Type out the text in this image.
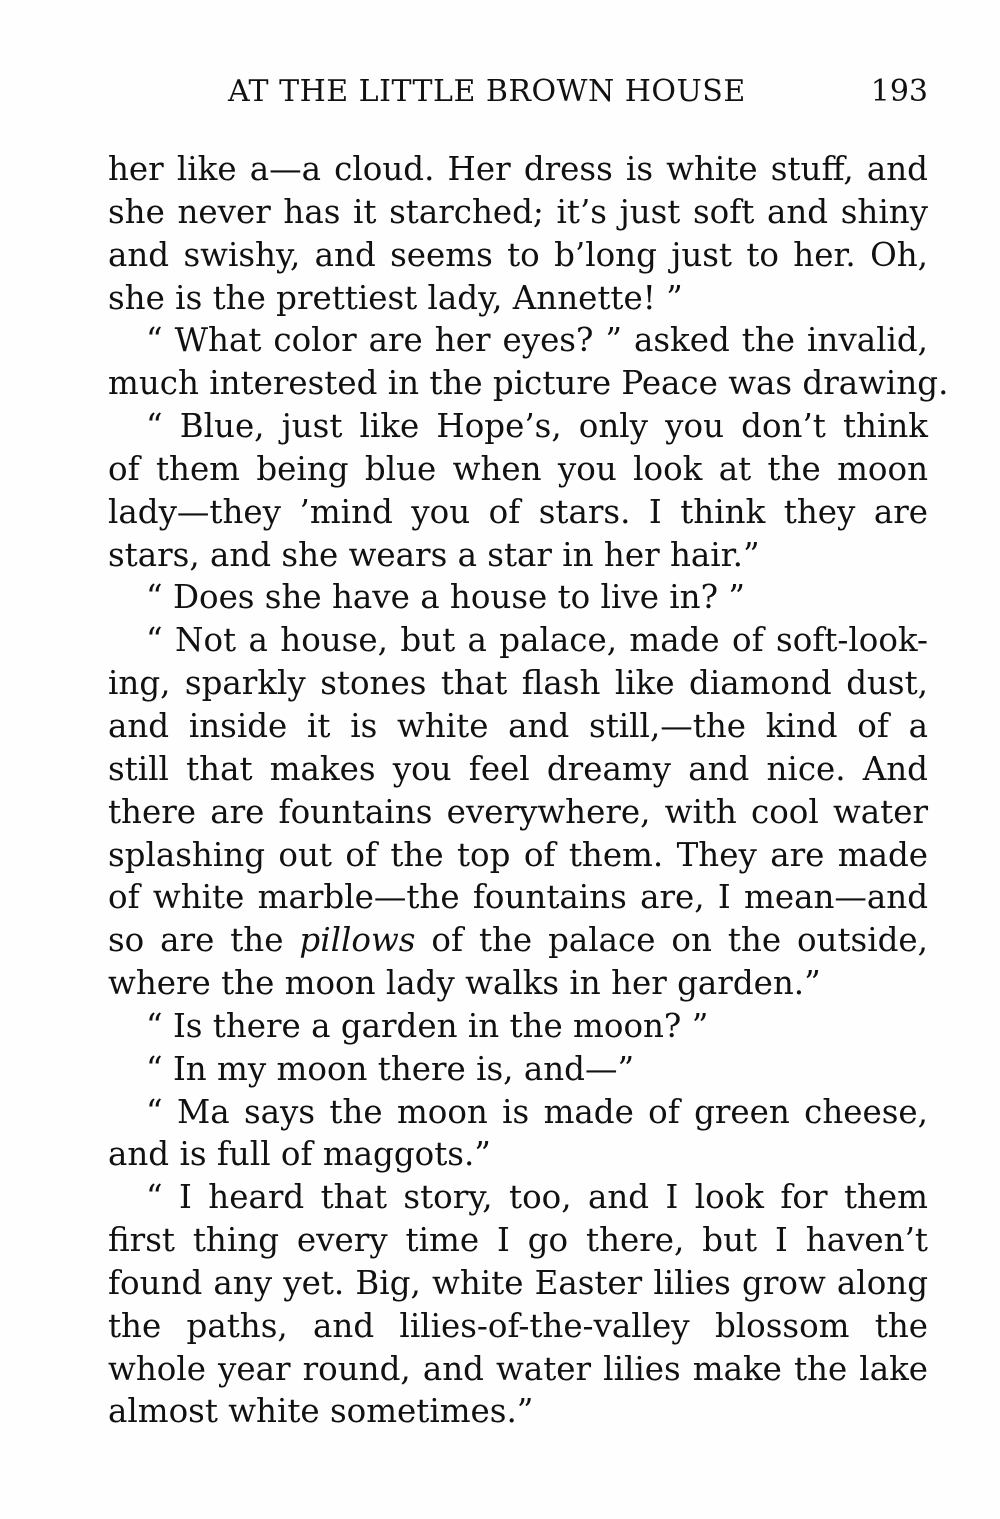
AT THE LITTLE BROWN HOUSE	193
her like a—a cloud. Her dress is white stuff, and
she never has it starched; it’s just soft and shiny
and swishy, and seems to b’long just to her. Oh,
she is the prettiest lady, Annette! ”
“ What color are her eyes? ” asked the invalid,
much interested in the picture Peace was drawing.
“ Blue, just like Hope’s, only you don’t think
of them being blue when you look at the moon
lady—they ’mind you of stars. I think they are
stars, and she wears a star in her hair.”
“ Does she have a house to live in? ”
“ Not a house, but a palace, made of soft-look-
ing, sparkly stones that flash like diamond dust,
and inside it is white and still,—the kind of a
still that makes you feel dreamy and nice. And
there are fountains everywhere, with cool water
splashing out of the top of them. They are made
of white marble—the fountains are, I mean—and
so are the pillows of the palace on the outside,
where the moon lady walks in her garden.”
“ Is there a garden in the moon? ”
“ In my moon there is, and—”
“ Ma says the moon is made of green cheese,
and is full of maggots.”
“ I heard that story, too, and I look for them
first thing every time I go there, but I haven’t
found any yet. Big, white Easter lilies grow along
the paths, and lilies-of-the-valley blossom the
whole year round, and water lilies make the lake
almost white sometimes.”
